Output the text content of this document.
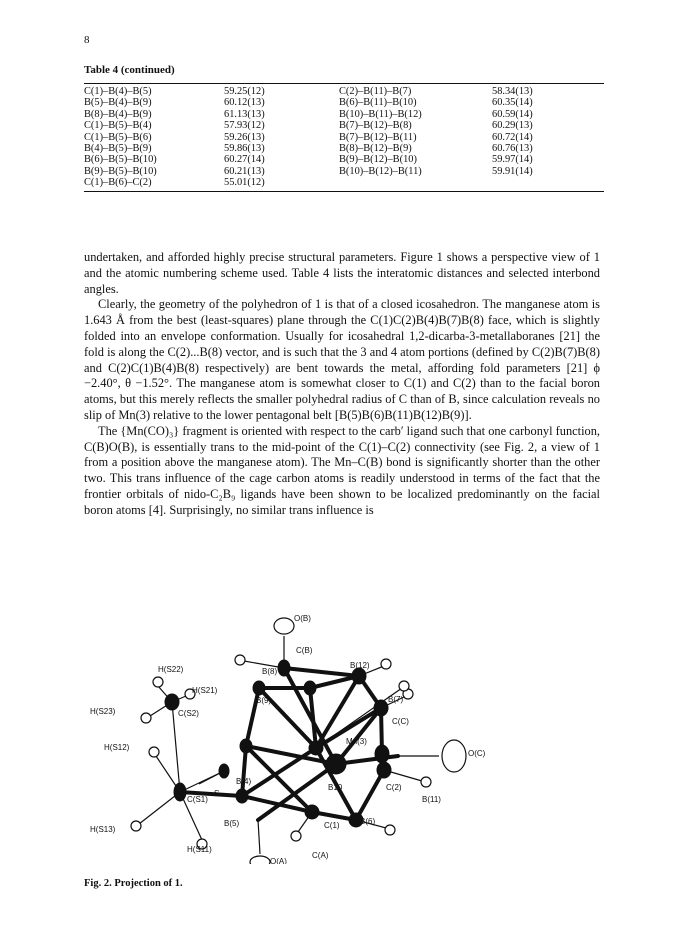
8
Table 4 (continued)
C(1)–B(4)–B(5)	59.25(12)	C(2)–B(11)–B(7)	58.34(13)
B(5)–B(4)–B(9)	60.12(13)	B(6)–B(11)–B(10)	60.35(14)
B(8)–B(4)–B(9)	61.13(13)	B(10)–B(11)–B(12)	60.59(14)
C(1)–B(5)–B(4)	57.93(12)	B(7)–B(12)–B(8)	60.29(13)
C(1)–B(5)–B(6)	59.26(13)	B(7)–B(12)–B(11)	60.72(14)
B(4)–B(5)–B(9)	59.86(13)	B(8)–B(12)–B(9)	60.76(13)
B(6)–B(5)–B(10)	60.27(14)	B(9)–B(12)–B(10)	59.97(14)
B(9)–B(5)–B(10)	60.21(13)	B(10)–B(12)–B(11)	59.91(14)
C(1)–B(6)–C(2)	55.01(12)		

undertaken, and afforded highly precise structural parameters. Figure 1 shows a perspective view of 1 and the atomic numbering scheme used. Table 4 lists the interatomic distances and selected interbond angles.

Clearly, the geometry of the polyhedron of 1 is that of a closed icosahedron. The manganese atom is 1.643 Å from the best (least-squares) plane through the C(1)C(2)B(4)B(7)B(8) face, which is slightly folded into an envelope conformation. Usually for icosahedral 1,2-dicarba-3-metallaboranes [21] the fold is along the C(2)...B(8) vector, and is such that the 3 and 4 atom portions (defined by C(2)B(7)B(8) and C(2)C(1)B(4)B(8) respectively) are bent towards the metal, affording fold parameters [21] ϕ −2.40°, θ −1.52°. The manganese atom is somewhat closer to C(1) and C(2) than to the facial boron atoms, but this merely reflects the smaller polyhedral radius of C than of B, since calculation reveals no slip of Mn(3) relative to the lower pentagonal belt [B(5)B(6)B(11)B(12)B(9)].

The {Mn(CO)₃} fragment is oriented with respect to the carb′ ligand such that one carbonyl function, C(B)O(B), is essentially trans to the mid-point of the C(1)–C(2) connectivity (see Fig. 2, a view of 1 from a position above the manganese atom). The Mn–C(B) bond is significantly shorter than the other two. This trans influence of the cage carbon atoms is readily understood in terms of the fact that the frontier orbitals of nido-C₂B₉ ligands have been shown to be localized predominantly on the facial boron atoms [4]. Surprisingly, no similar trans influence is

O(B)
C(B)
H(S22)
H(S21)
H(S23)	C(S2)
H(S12)
H(S13)
C(S1)
H(S11)
S
B(8)
B(9)
B(12)
B(7)
C(C)
O(C)
Mn(3)
B(4)
B10	C(2)
B(11)
B(5)	C(1)	B(6)
O(A)
C(A)
Fig. 2. Projection of 1.
